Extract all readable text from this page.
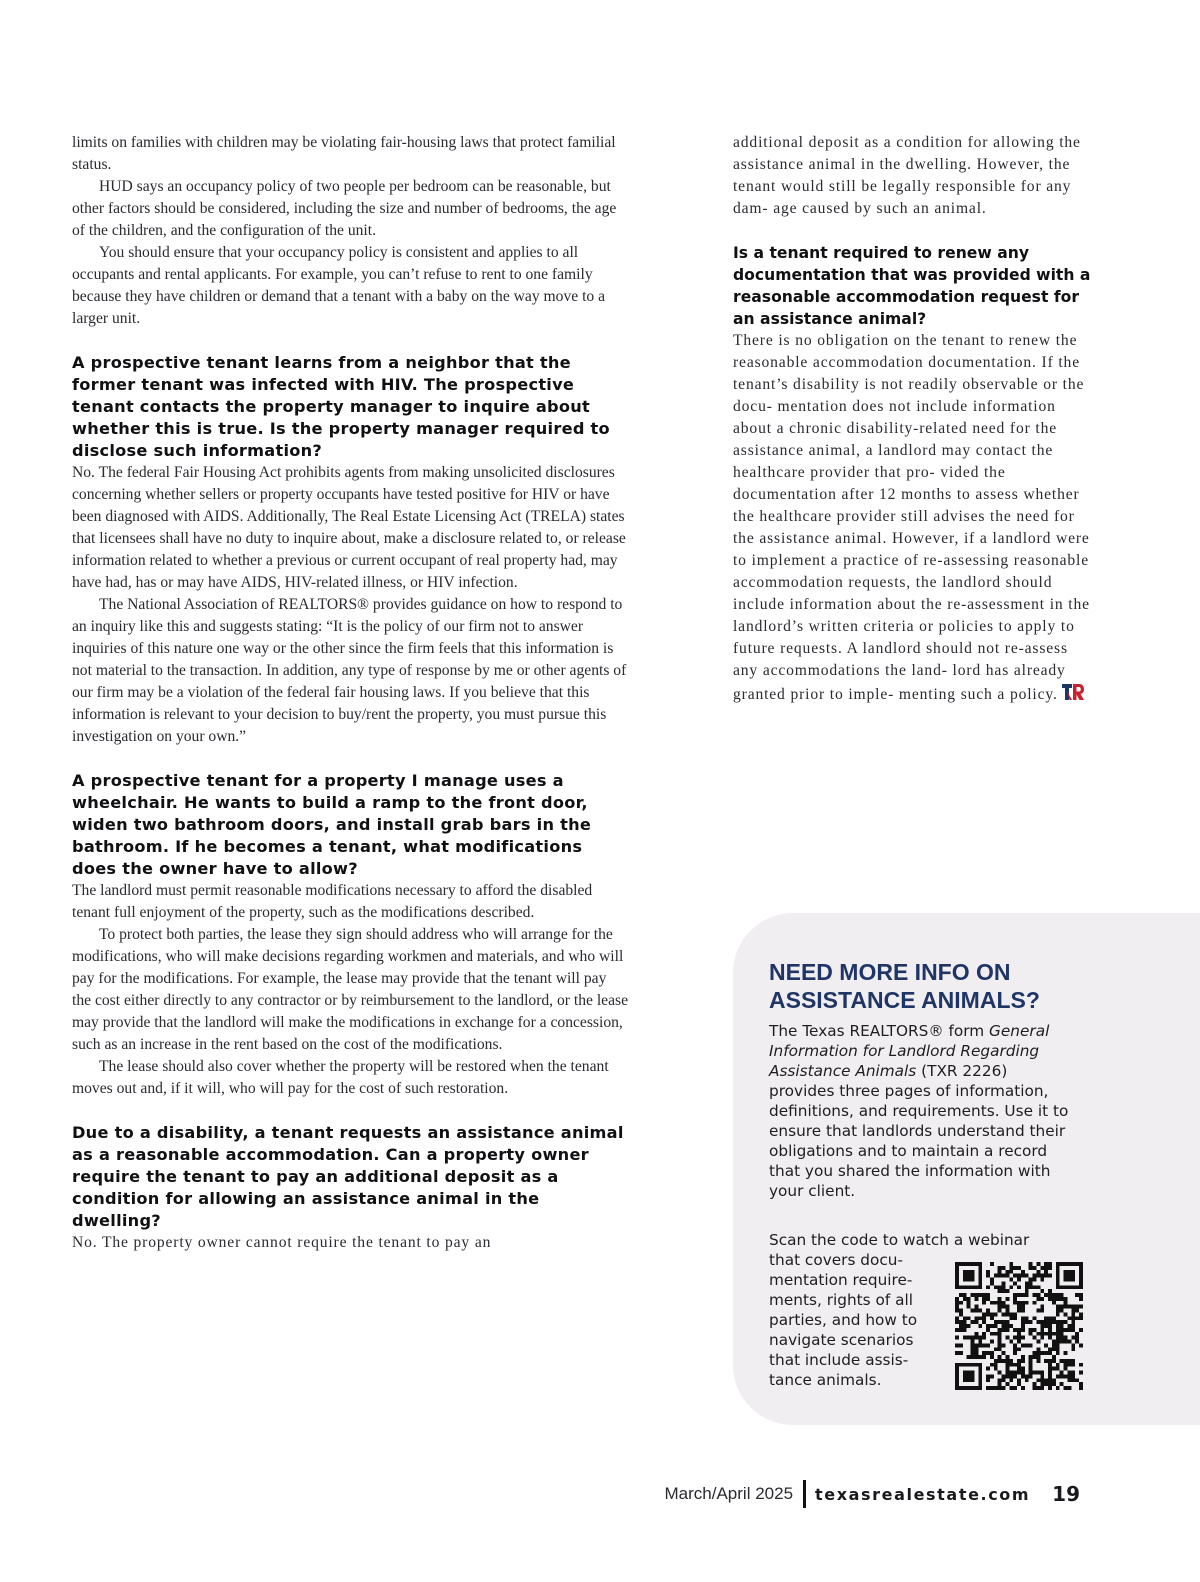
limits on families with children may be violating fair-housing laws that protect familial status.

HUD says an occupancy policy of two people per bedroom can be reasonable, but other factors should be considered, including the size and number of bedrooms, the age of the children, and the configuration of the unit.

You should ensure that your occupancy policy is consistent and applies to all occupants and rental applicants. For example, you can’t refuse to rent to one family because they have children or demand that a tenant with a baby on the way move to a larger unit.

A prospective tenant learns from a neighbor that the former tenant was infected with HIV. The prospective tenant contacts the property manager to inquire about whether this is true. Is the property manager required to disclose such information?

No. The federal Fair Housing Act prohibits agents from making unsolicited disclosures concerning whether sellers or property occupants have tested positive for HIV or have been diagnosed with AIDS. Additionally, The Real Estate Licensing Act (TRELA) states that licensees shall have no duty to inquire about, make a disclosure related to, or release information related to whether a previous or current occupant of real property had, may have had, has or may have AIDS, HIV-related illness, or HIV infection.

The National Association of REALTORS® provides guidance on how to respond to an inquiry like this and suggests stating: “It is the policy of our firm not to answer inquiries of this nature one way or the other since the firm feels that this information is not material to the transaction. In addition, any type of response by me or other agents of our firm may be a violation of the federal fair housing laws. If you believe that this information is relevant to your decision to buy/rent the property, you must pursue this investigation on your own.”

A prospective tenant for a property I manage uses a wheelchair. He wants to build a ramp to the front door, widen two bathroom doors, and install grab bars in the bathroom. If he becomes a tenant, what modifications does the owner have to allow?

The landlord must permit reasonable modifications necessary to afford the disabled tenant full enjoyment of the property, such as the modifications described.

To protect both parties, the lease they sign should address who will arrange for the modifications, who will make decisions regarding workmen and materials, and who will pay for the modifications. For example, the lease may provide that the tenant will pay the cost either directly to any contractor or by reimbursement to the landlord, or the lease may provide that the landlord will make the modifications in exchange for a concession, such as an increase in the rent based on the cost of the modifications.

The lease should also cover whether the property will be restored when the tenant moves out and, if it will, who will pay for the cost of such restoration.

Due to a disability, a tenant requests an assistance animal as a reasonable accommodation. Can a property owner require the tenant to pay an additional deposit as a condition for allowing an assistance animal in the dwelling?

No. The property owner cannot require the tenant to pay an

additional deposit as a condition for allowing the assistance animal in the dwelling. However, the tenant would still be legally responsible for any dam- age caused by such an animal.

Is a tenant required to renew any documentation that was provided with a reasonable accommodation request for an assistance animal?

There is no obligation on the tenant to renew the reasonable accommodation documentation. If the tenant’s disability is not readily observable or the docu- mentation does not include information about a chronic disability-related need for the assistance animal, a landlord may contact the healthcare provider that pro- vided the documentation after 12 months to assess whether the healthcare provider still advises the need for the assistance animal. However, if a landlord were to implement a practice of re-assessing reasonable accommodation requests, the landlord should include information about the re-assessment in the landlord’s written criteria or policies to apply to future requests. A landlord should not re-assess any accommodations the land- lord has already granted prior to imple- menting such a policy.

NEED MORE INFO ON ASSISTANCE ANIMALS?

The Texas REALTORS® form General Information for Landlord Regarding Assistance Animals (TXR 2226) provides three pages of information, definitions, and requirements. Use it to ensure that landlords understand their obligations and to maintain a record that you shared the information with your client.

Scan the code to watch a webinar

that covers docu- mentation require- ments, rights of all parties, and how to navigate scenarios that include assis- tance animals.

March/April 2025 texasrealestate.com 19
